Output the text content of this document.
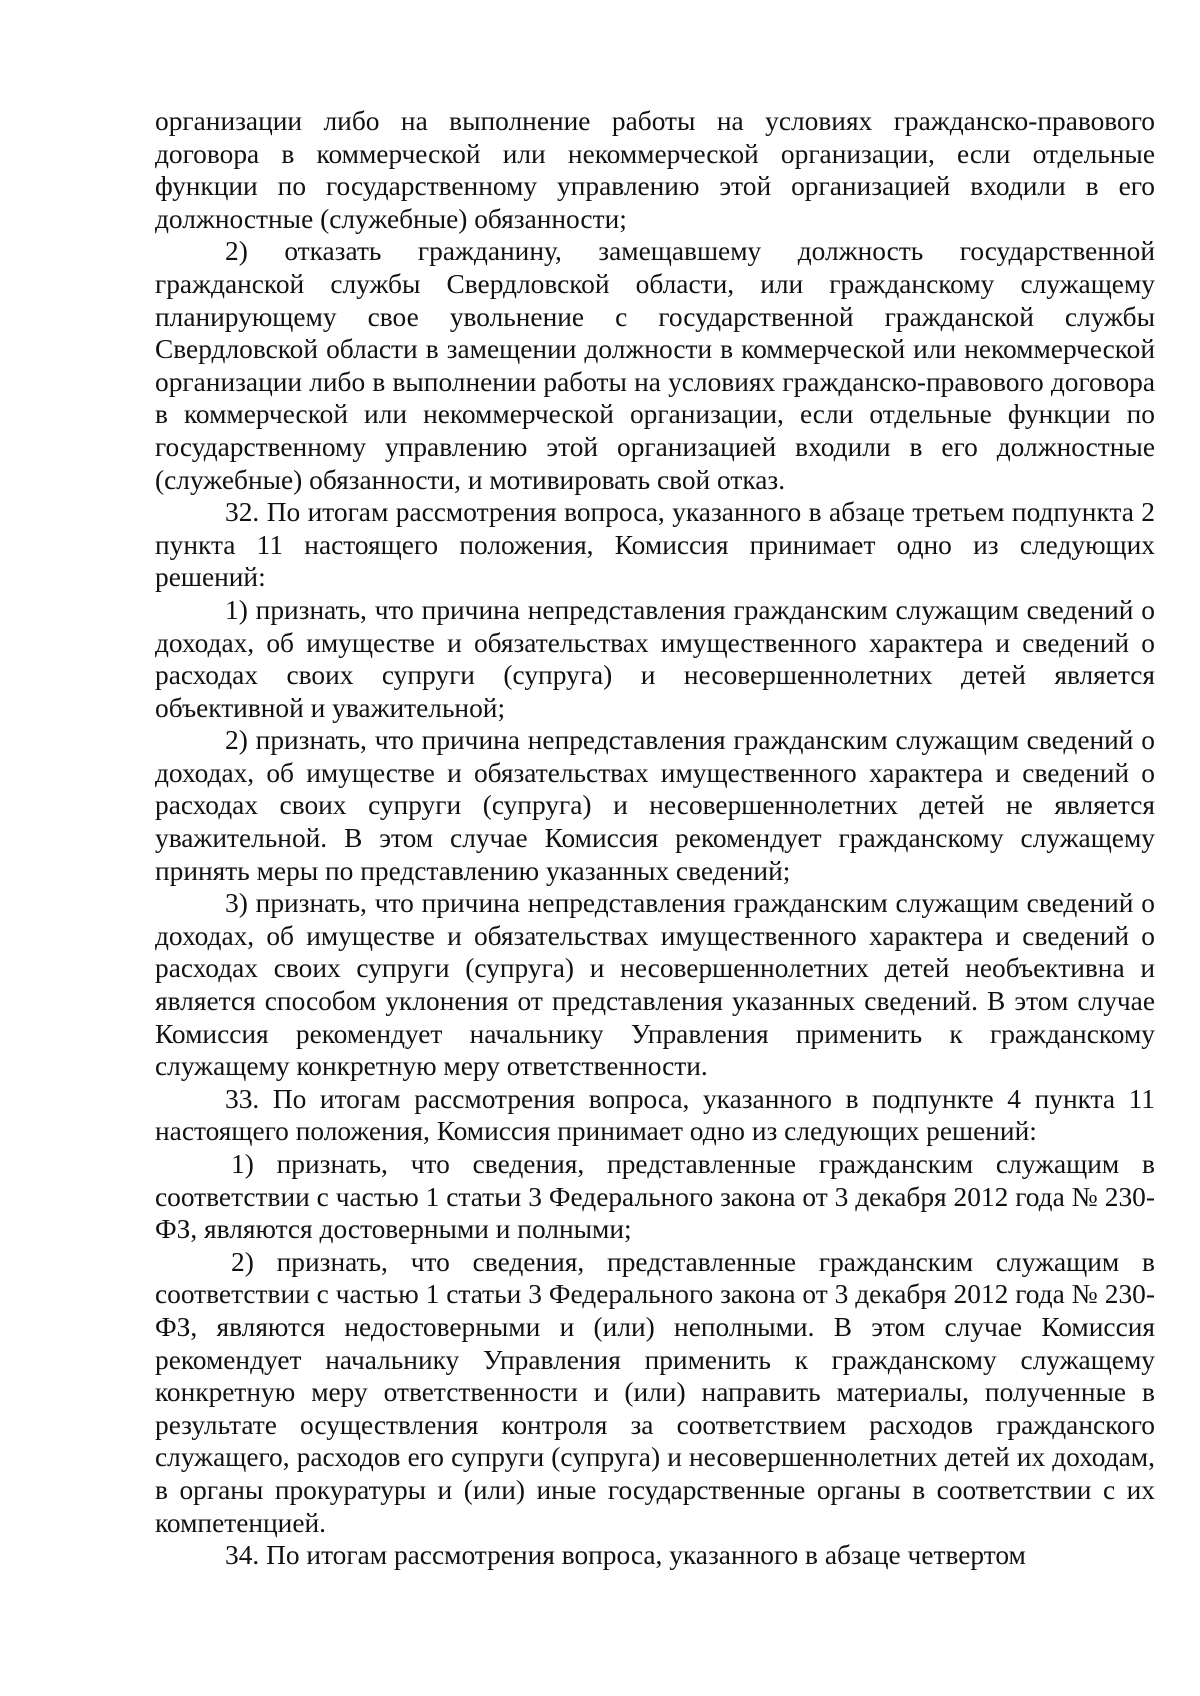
организации либо на выполнение работы на условиях гражданско-правового договора в коммерческой или некоммерческой организации, если отдельные функции по государственному управлению этой организацией входили в его должностные (служебные) обязанности;

2) отказать гражданину, замещавшему должность государственной гражданской службы Свердловской области, или гражданскому служащему планирующему свое увольнение с государственной гражданской службы Свердловской области в замещении должности в коммерческой или некоммерческой организации либо в выполнении работы на условиях гражданско-правового договора в коммерческой или некоммерческой организации, если отдельные функции по государственному управлению этой организацией входили в его должностные (служебные) обязанности, и мотивировать свой отказ.

32. По итогам рассмотрения вопроса, указанного в абзаце третьем подпункта 2 пункта 11 настоящего положения, Комиссия принимает одно из следующих решений:

1) признать, что причина непредставления гражданским служащим сведений о доходах, об имуществе и обязательствах имущественного характера и сведений о расходах своих супруги (супруга) и несовершеннолетних детей является объективной и уважительной;

2) признать, что причина непредставления гражданским служащим сведений о доходах, об имуществе и обязательствах имущественного характера и сведений о расходах своих супруги (супруга) и несовершеннолетних детей не является уважительной. В этом случае Комиссия рекомендует гражданскому служащему принять меры по представлению указанных сведений;

3) признать, что причина непредставления гражданским служащим сведений о доходах, об имуществе и обязательствах имущественного характера и сведений о расходах своих супруги (супруга) и несовершеннолетних детей необъективна и является способом уклонения от представления указанных сведений. В этом случае Комиссия рекомендует начальнику Управления применить к гражданскому служащему конкретную меру ответственности.

33. По итогам рассмотрения вопроса, указанного в подпункте 4 пункта 11 настоящего положения, Комиссия принимает одно из следующих решений:

1) признать, что сведения, представленные гражданским служащим в соответствии с частью 1 статьи 3 Федерального закона от 3 декабря 2012 года № 230-ФЗ, являются достоверными и полными;

2) признать, что сведения, представленные гражданским служащим в соответствии с частью 1 статьи 3 Федерального закона от 3 декабря 2012 года № 230-ФЗ, являются недостоверными и (или) неполными. В этом случае Комиссия рекомендует начальнику Управления применить к гражданскому служащему конкретную меру ответственности и (или) направить материалы, полученные в результате осуществления контроля за соответствием расходов гражданского служащего, расходов его супруги (супруга) и несовершеннолетних детей их доходам, в органы прокуратуры и (или) иные государственные органы в соответствии с их компетенцией.

34. По итогам рассмотрения вопроса, указанного в абзаце четвертом
